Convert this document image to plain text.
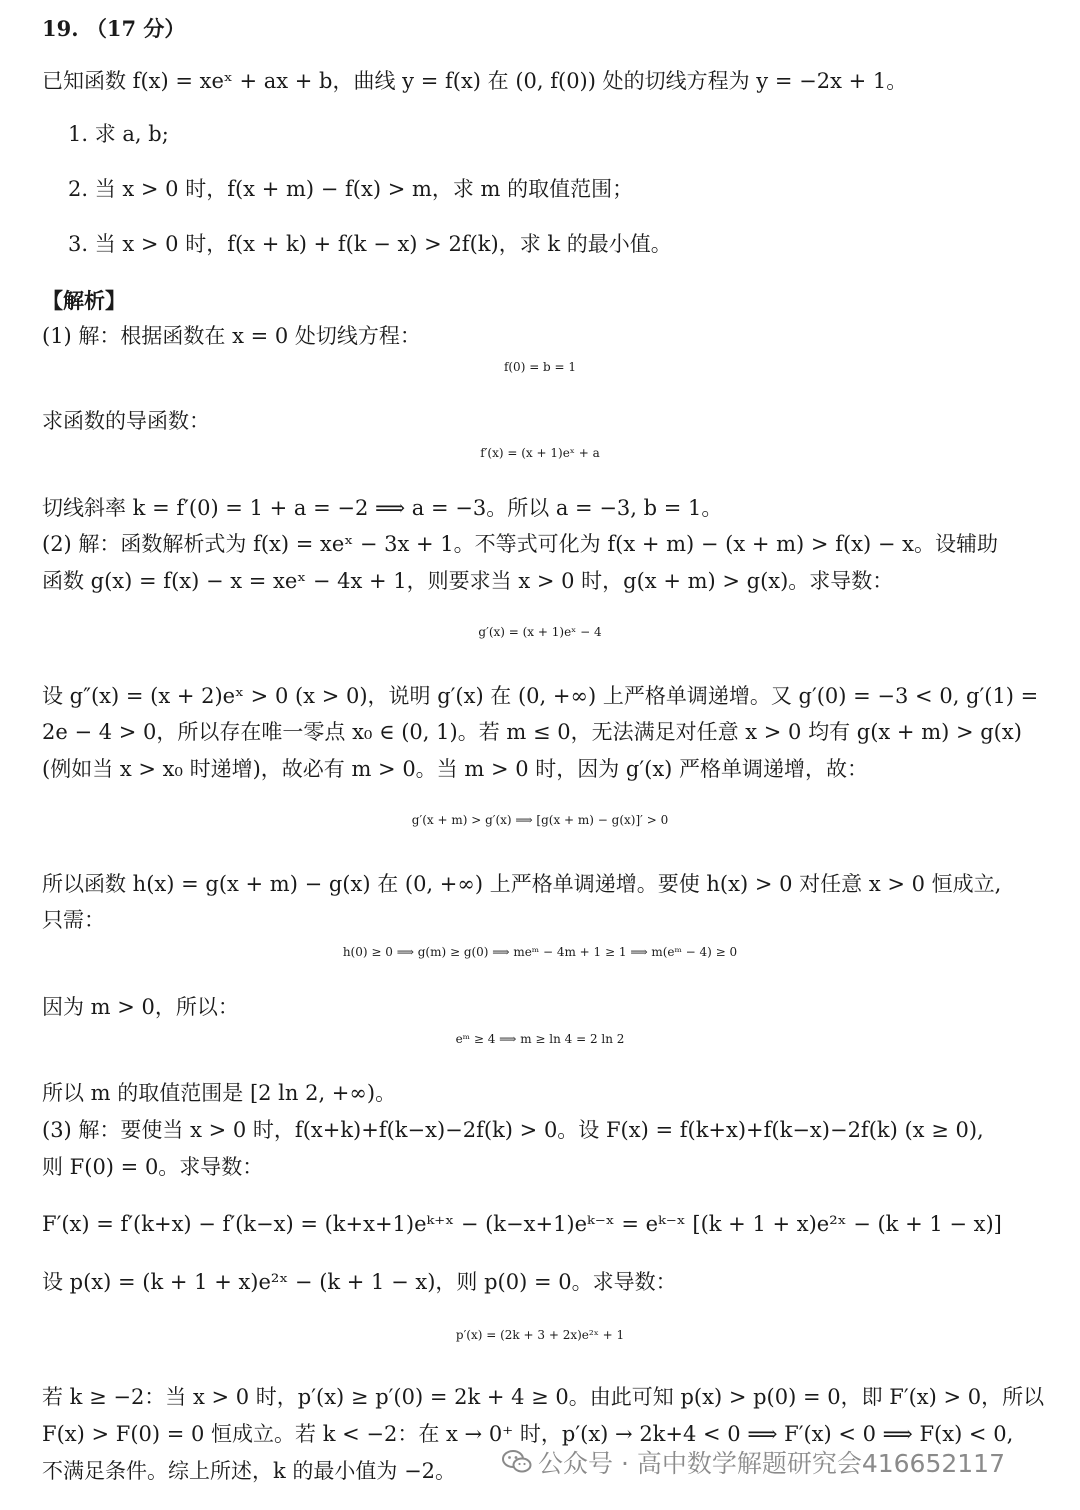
19. （17 分）
已知函数 f(x) = xeˣ + ax + b，曲线 y = f(x) 在 (0, f(0)) 处的切线方程为 y = −2x + 1。
1. 求 a, b;
2. 当 x > 0 时，f(x + m) − f(x) > m，求 m 的取值范围；
3. 当 x > 0 时，f(x + k) + f(k − x) > 2f(k)，求 k 的最小值。
【解析】
(1) 解：根据函数在 x = 0 处切线方程：
f(0) = b = 1
求函数的导函数：
f′(x) = (x + 1)eˣ + a
切线斜率 k = f′(0) = 1 + a = −2 ⟹ a = −3。所以 a = −3, b = 1。
(2) 解：函数解析式为 f(x) = xeˣ − 3x + 1。不等式可化为 f(x + m) − (x + m) > f(x) − x。设辅助
函数 g(x) = f(x) − x = xeˣ − 4x + 1，则要求当 x > 0 时，g(x + m) > g(x)。求导数：
g′(x) = (x + 1)eˣ − 4
设 g″(x) = (x + 2)eˣ > 0 (x > 0)，说明 g′(x) 在 (0, +∞) 上严格单调递增。又 g′(0) = −3 < 0, g′(1) =
2e − 4 > 0，所以存在唯一零点 x₀ ∈ (0, 1)。若 m ≤ 0，无法满足对任意 x > 0 均有 g(x + m) > g(x)
(例如当 x > x₀ 时递增)，故必有 m > 0。当 m > 0 时，因为 g′(x) 严格单调递增，故：
g′(x + m) > g′(x) ⟹ [g(x + m) − g(x)]′ > 0
所以函数 h(x) = g(x + m) − g(x) 在 (0, +∞) 上严格单调递增。要使 h(x) > 0 对任意 x > 0 恒成立,
只需：
h(0) ≥ 0 ⟹ g(m) ≥ g(0) ⟹ meᵐ − 4m + 1 ≥ 1 ⟹ m(eᵐ − 4) ≥ 0
因为 m > 0，所以：
eᵐ ≥ 4 ⟹ m ≥ ln 4 = 2 ln 2
所以 m 的取值范围是 [2 ln 2, +∞)。
(3) 解：要使当 x > 0 时，f(x+k)+f(k−x)−2f(k) > 0。设 F(x) = f(k+x)+f(k−x)−2f(k) (x ≥ 0),
则 F(0) = 0。求导数：
F′(x) = f′(k+x) − f′(k−x) = (k+x+1)eᵏ⁺ˣ − (k−x+1)eᵏ⁻ˣ = eᵏ⁻ˣ [(k + 1 + x)e²ˣ − (k + 1 − x)]
设 p(x) = (k + 1 + x)e²ˣ − (k + 1 − x)，则 p(0) = 0。求导数：
p′(x) = (2k + 3 + 2x)e²ˣ + 1
若 k ≥ −2：当 x > 0 时，p′(x) ≥ p′(0) = 2k + 4 ≥ 0。由此可知 p(x) > p(0) = 0，即 F′(x) > 0，所以
F(x) > F(0) = 0 恒成立。若 k < −2：在 x → 0⁺ 时，p′(x) → 2k+4 < 0 ⟹ F′(x) < 0 ⟹ F(x) < 0,
不满足条件。综上所述，k 的最小值为 −2。	公众号 · 高中数学解题研究会416652117
